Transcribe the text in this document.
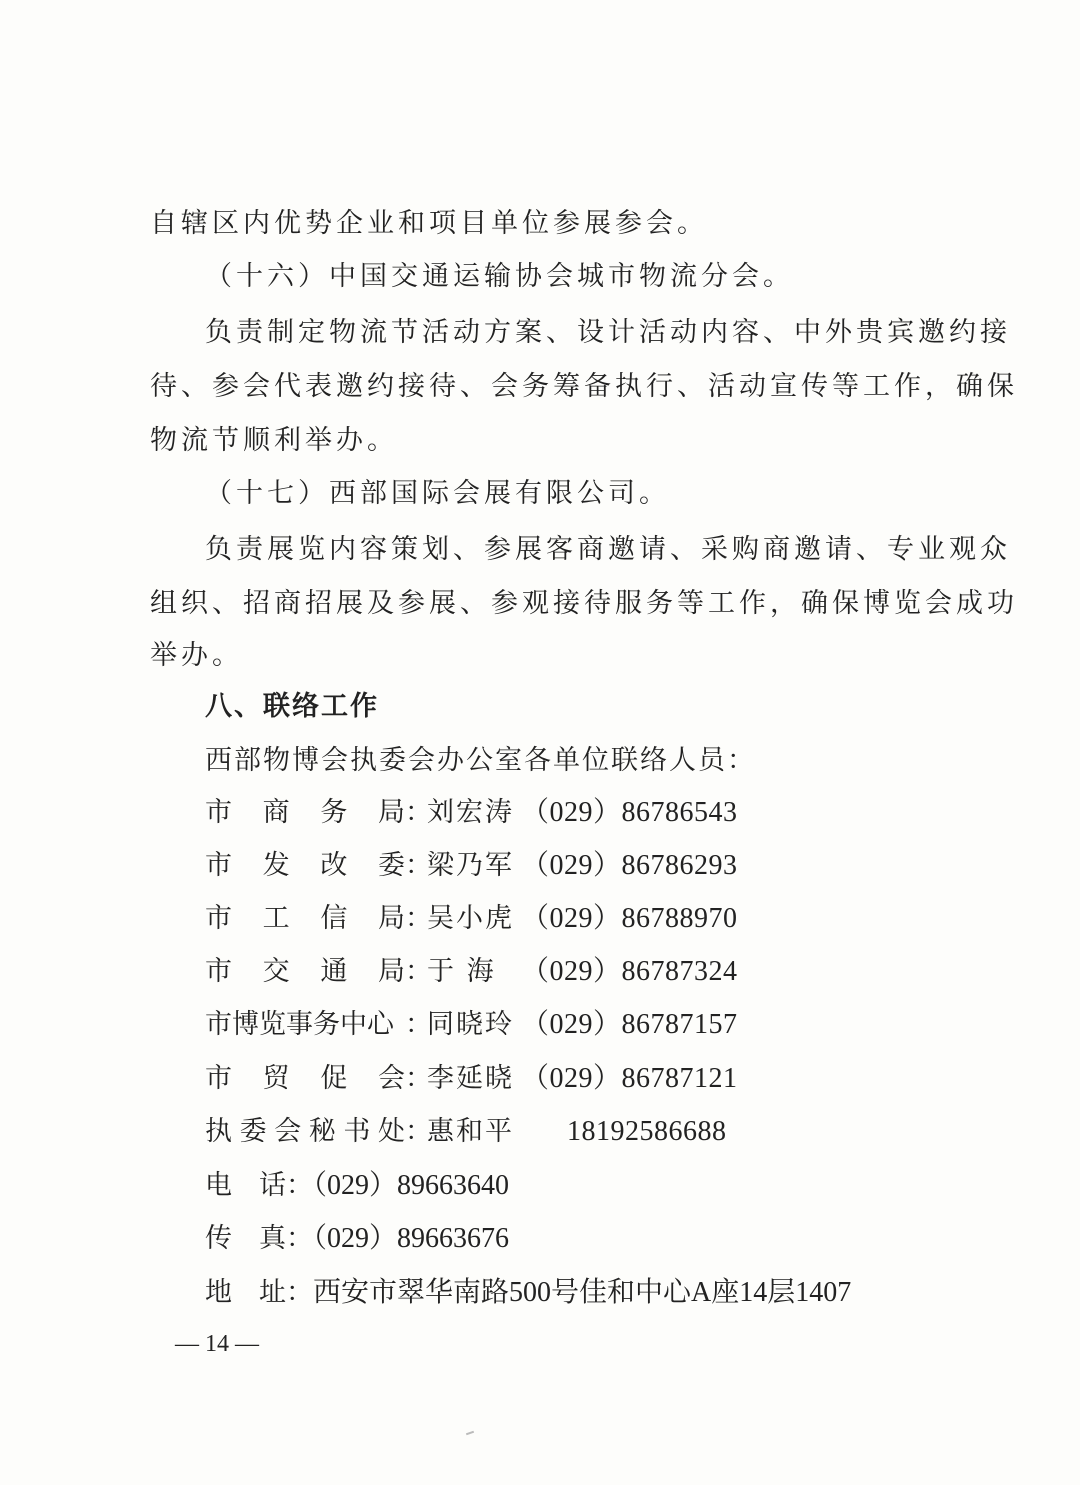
自辖区内优势企业和项目单位参展参会。
（十六）中国交通运输协会城市物流分会。
负责制定物流节活动方案、设计活动内容、中外贵宾邀约接
待、参会代表邀约接待、会务筹备执行、活动宣传等工作，确保
物流节顺利举办。
（十七）西部国际会展有限公司。
负责展览内容策划、参展客商邀请、采购商邀请、专业观众
组织、招商招展及参展、参观接待服务等工作，确保博览会成功
举办。
八、联络工作
西部物博会执委会办公室各单位联络人员：
市 商 务 局 ：
刘宏涛 （029）86786543
市 发 改 委 ：
梁乃军 （029）86786293
市 工 信 局 ：
吴小虎 （029）86788970
市 交 通 局 ：
于 海 （029）86787324
市 博 览 事 务 中 心 ：
同晓玲 （029）86787157
市 贸 促 会 ：
李延晓 （029）86787121
执 委 会 秘 书 处 ：
惠和平 18192586688
电　话：（029）89663640
传　真：（029）89663676
地　址：西安市翠华南路500号佳和中心A座14层1407
— 14 —
